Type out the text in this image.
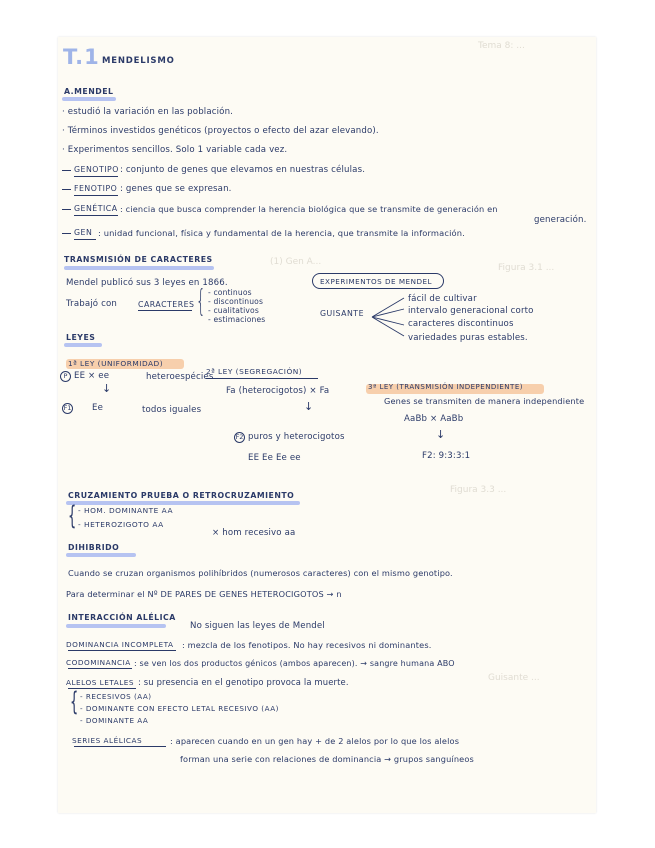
Tema 8: ...
Figura 3.1 ...
Figura 3.3 ...
(1) Gen A...
Guisante ...
T.1 MENDELISMO
A.MENDEL
· estudió la variación en las población.
· Términos investidos genéticos (proyectos o efecto del azar elevando).
· Experimentos sencillos. Solo 1 variable cada vez.
GENOTIPO : conjunto de genes que elevamos en nuestras células.
FENOTIPO : genes que se expresan.
GENÉTICA : ciencia que busca comprender la herencia biológica que se transmite de generación en
generación.
GEN : unidad funcional, física y fundamental de la herencia, que transmite la información.
TRANSMISIÓN DE CARACTERES
Mendel publicó sus 3 leyes en 1866.
Trabajó con	CARACTERES { - continuos
- discontinuos
- cualitativos
- estimaciones
EXPERIMENTOS DE MENDEL
GUISANTE
fácil de cultivar
intervalo generacional corto
caracteres discontinuos
variedades puras estables.
LEYES
1ª LEY (UNIFORMIDAD)
2ª LEY (SEGREGACIÓN)
3ª LEY (TRANSMISIÓN INDEPENDIENTE)
P EE × ee	heteroespécies
↓
F1 Ee	todos iguales
Fa (heterocigotos) × Fa
↓
F2 puros y heterocigotos
EE Ee Ee ee
Genes se transmiten de manera independiente
AaBb × AaBb
↓
F2: 9:3:3:1
CRUZAMIENTO PRUEBA O RETROCRUZAMIENTO
{ - HOM. DOMINANTE AA
- HETEROZIGOTO AA
× hom recesivo aa
DIHIBRIDO
Cuando se cruzan organismos polihíbridos (numerosos caracteres) con el mismo genotipo.
Para determinar el Nº DE PARES DE GENES HETEROCIGOTOS → n
INTERACCIÓN ALÉLICA
No siguen las leyes de Mendel
DOMINANCIA INCOMPLETA : mezcla de los fenotipos. No hay recesivos ni dominantes.
CODOMINANCIA : se ven los dos productos génicos (ambos aparecen). → sangre humana ABO
ALELOS LETALES : su presencia en el genotipo provoca la muerte.
{ - RECESIVOS (AA)
- DOMINANTE CON EFECTO LETAL RECESIVO (AA)
- DOMINANTE AA
SERIES ALÉLICAS	: aparecen cuando en un gen hay + de 2 alelos por lo que los alelos
forman una serie con relaciones de dominancia → grupos sanguíneos
